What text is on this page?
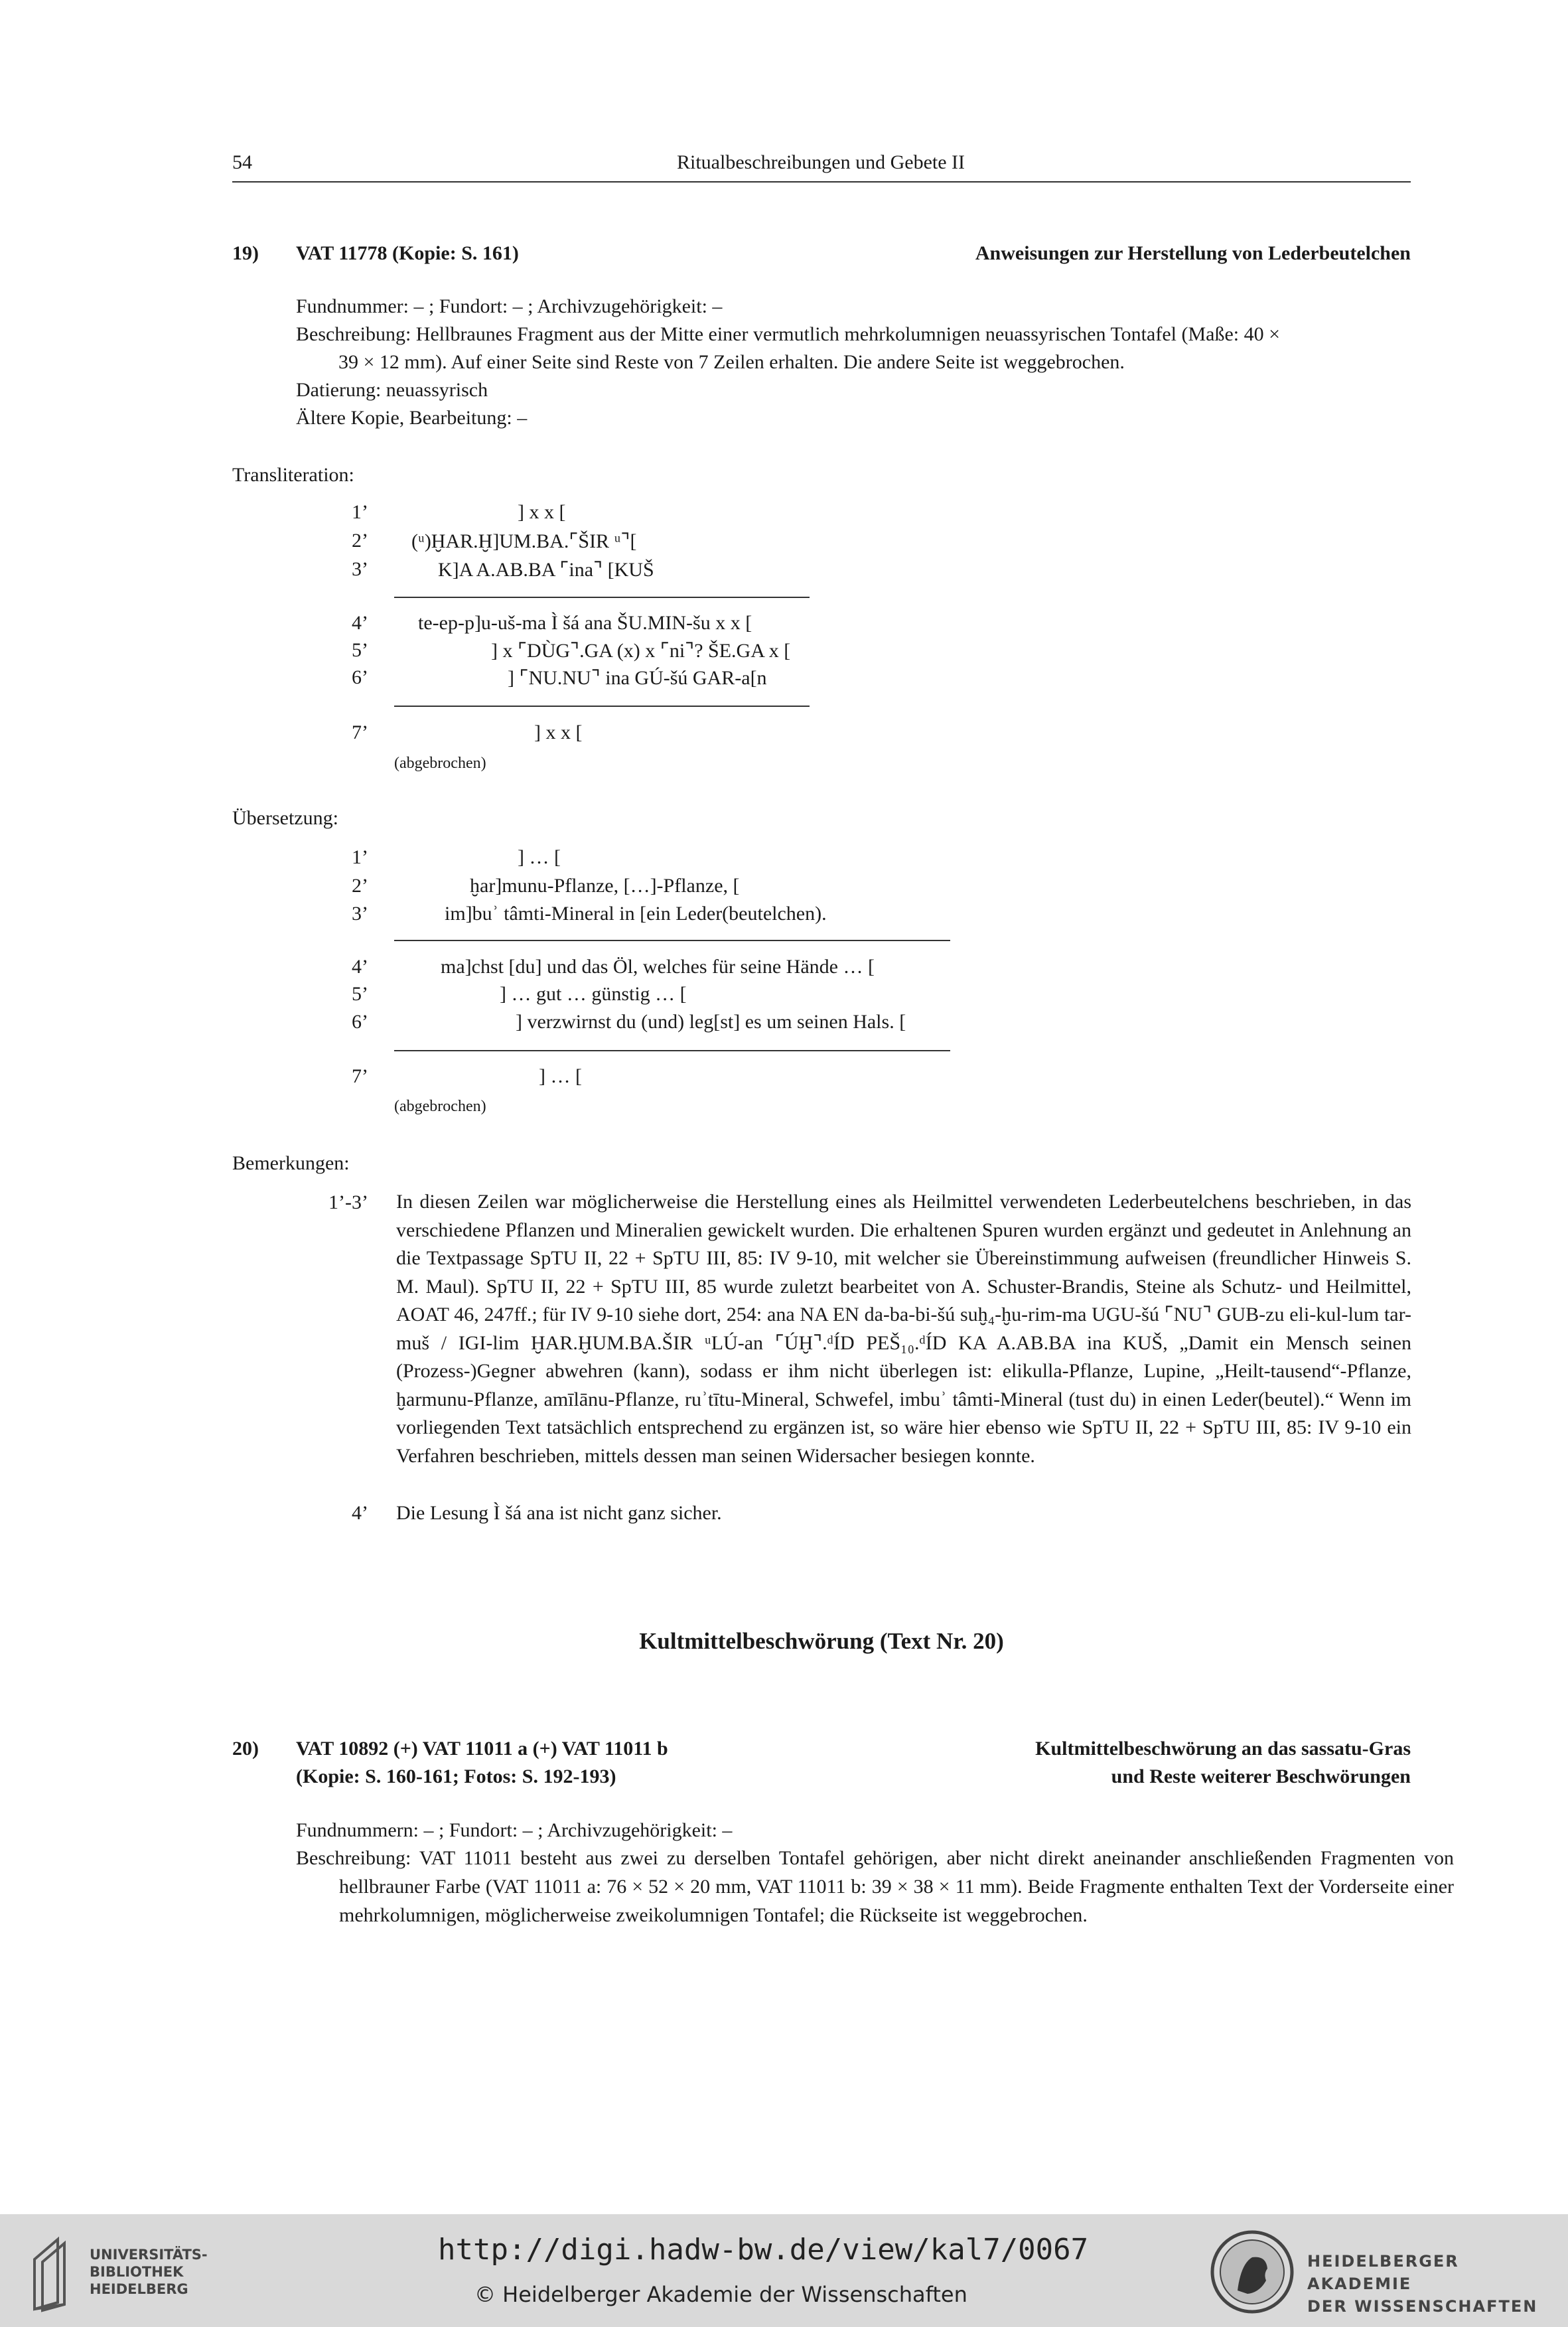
54	Ritualbeschreibungen und Gebete II
19) VAT 11778 (Kopie: S. 161)	Anweisungen zur Herstellung von Lederbeutelchen
Fundnummer: – ; Fundort: – ; Archivzugehörigkeit: –
Beschreibung: Hellbraunes Fragment aus der Mitte einer vermutlich mehrkolumnigen neuassyrischen Tontafel (Maße: 40 ×
39 × 12 mm). Auf einer Seite sind Reste von 7 Zeilen erhalten. Die andere Seite ist weggebrochen.
Datierung: neuassyrisch
Ältere Kopie, Bearbeitung: –
Transliteration:
1’	] x x [
2’ (ᵘ)ḪAR.Ḫ]UM.BA.⌜ŠIR ᵘ⌝[
3’	K]A A.AB.BA ⌜ina⌝ [KUŠ
4’	te-ep-p]u-uš-ma Ì šá ana ŠU.MIN-šu x x [
5’	] x ⌜DÙG⌝.GA (x) x ⌜ni⌝? ŠE.GA x [
6’	] ⌜NU.NU⌝ ina GÚ-šú GAR-a[n
7’	] x x [
(abgebrochen)
Übersetzung:
1’	] … [
2’	ḫar]munu-Pflanze, […]-Pflanze, [
3’	im]buʾ tâmti-Mineral in [ein Leder(beutelchen).
4’	ma]chst [du] und das Öl, welches für seine Hände … [
5’	] … gut … günstig … [
6’	] verzwirnst du (und) leg[st] es um seinen Hals. [
7’	] … [
(abgebrochen)
Bemerkungen:
1’-3’ In diesen Zeilen war möglicherweise die Herstellung eines als Heilmittel verwendeten Lederbeutelchens beschrieben, in das verschiedene Pflanzen und Mineralien gewickelt wurden. Die erhaltenen Spuren wurden ergänzt und gedeutet in Anlehnung an die Textpassage SpTU II, 22 + SpTU III, 85: IV 9-10, mit welcher sie Übereinstimmung aufweisen (freundlicher Hinweis S. M. Maul). SpTU II, 22 + SpTU III, 85 wurde zuletzt bearbeitet von A. Schuster-Brandis, Steine als Schutz- und Heilmittel, AOAT 46, 247ff.; für IV 9-10 siehe dort, 254: ana NA EN da-ba-bi-šú suḫ₄-ḫu-rim-ma UGU-šú ⌜NU⌝ GUB-zu eli-kul-lum tar-muš / IGI-lim ḪAR.ḪUM.BA.ŠIR ᵘLÚ-an ⌜ÚḪ⌝.ᵈÍD PEŠ₁₀.ᵈÍD KA A.AB.BA ina KUŠ, „Damit ein Mensch seinen (Prozess-)Gegner abwehren (kann), sodass er ihm nicht überlegen ist: elikulla-Pflanze, Lupine, „Heilt-tausend“-Pflanze, ḫarmunu-Pflanze, amīlānu-Pflanze, ruʾtītu-Mineral, Schwefel, imbuʾ tâmti-Mineral (tust du) in einen Leder(beutel).“ Wenn im vorliegenden Text tatsächlich entsprechend zu ergänzen ist, so wäre hier ebenso wie SpTU II, 22 + SpTU III, 85: IV 9-10 ein Verfahren beschrieben, mittels dessen man seinen Widersacher besiegen konnte.
4’ Die Lesung Ì šá ana ist nicht ganz sicher.
Kultmittelbeschwörung (Text Nr. 20)
20) VAT 10892 (+) VAT 11011 a (+) VAT 11011 b
(Kopie: S. 160-161; Fotos: S. 192-193)
Kultmittelbeschwörung an das sassatu-Gras
und Reste weiterer Beschwörungen
Fundnummern: – ; Fundort: – ; Archivzugehörigkeit: –
Beschreibung: VAT 11011 besteht aus zwei zu derselben Tontafel gehörigen, aber nicht direkt aneinander anschließenden Fragmenten von hellbrauner Farbe (VAT 11011 a: 76 × 52 × 20 mm, VAT 11011 b: 39 × 38 × 11 mm). Beide Fragmente enthalten Text der Vorderseite einer mehrkolumnigen, möglicherweise zweikolumnigen Tontafel; die Rückseite ist weggebrochen.
UNIVERSITÄTS-
BIBLIOTHEK
HEIDELBERG
http://digi.hadw-bw.de/view/kal7/0067
© Heidelberger Akademie der Wissenschaften
HEIDELBERGER AKADEMIE
DER WISSENSCHAFTEN
